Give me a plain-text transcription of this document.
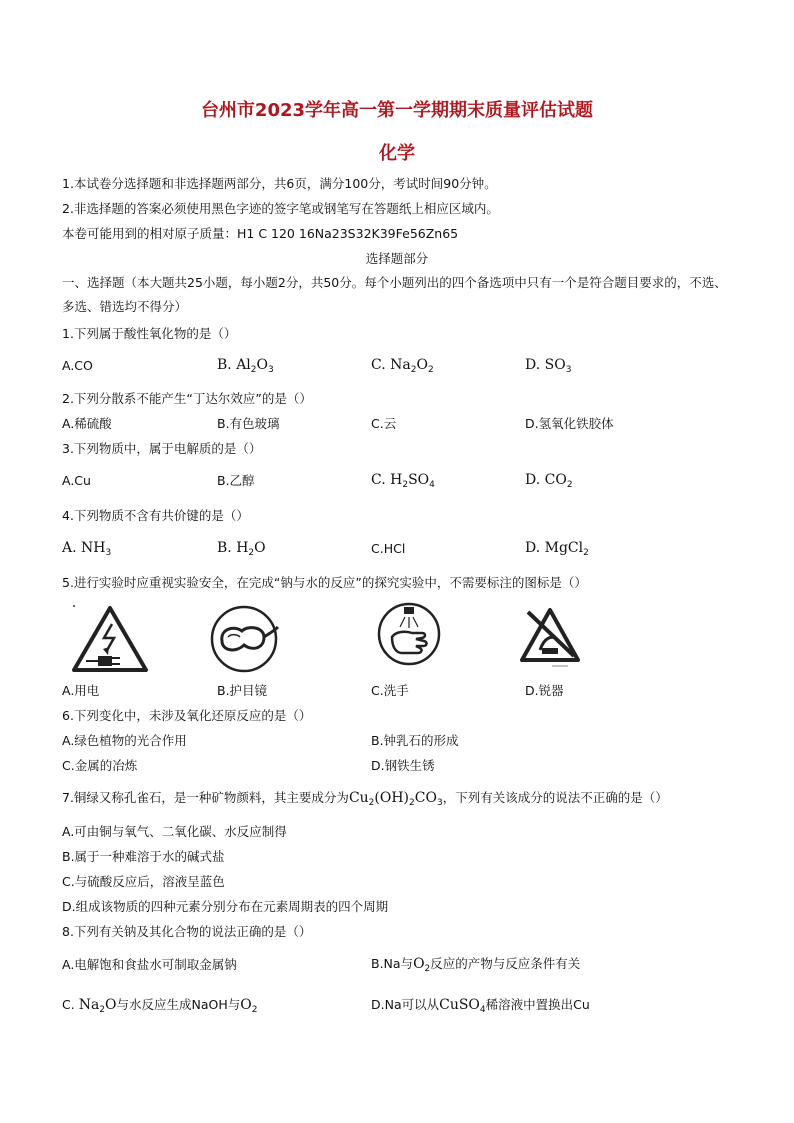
台州市2023学年高一第一学期期末质量评估试题
化学
1.本试卷分选择题和非选择题两部分，共6页，满分100分，考试时间90分钟。
2.非选择题的答案必须使用黑色字迹的签字笔或钢笔写在答题纸上相应区域内。
本卷可能用到的相对原子质量：H1 C 120 16Na23S32K39Fe56Zn65
选择题部分
一、选择题（本大题共25小题，每小题2分，共50分。每个小题列出的四个备选项中只有一个是符合题目要求的，不选、多选、错选均不得分）
1.下列属于酸性氧化物的是（）
A.CO	B. $Al_2O_3$	C. $Na_2O_2$	D. $SO_3$
2.下列分散系不能产生“丁达尔效应”的是（）
A.稀硫酸	B.有色玻璃	C.云	D.氢氧化铁胶体
3.下列物质中，属于电解质的是（）
A.Cu	B.乙醇	C. $H_2SO_4$	D. $CO_2$
4.下列物质不含有共价键的是（）
A. $NH_3$	B. $H_2O$	C.HCl	D. MgCl$_2$
5.进行实验时应重视实验安全，在完成“钠与水的反应”的探究实验中，不需要标注的图标是（）
A.用电	B.护目镜	C.洗手	D.锐器
6.下列变化中，未涉及氧化还原反应的是（）
A.绿色植物的光合作用	B.钟乳石的形成
C.金属的冶炼	D.钢铁生锈
7.铜绿又称孔雀石，是一种矿物颜料，其主要成分为$Cu_2(OH)_2CO_3$，下列有关该成分的说法不正确的是（）
A.可由铜与氧气、二氧化碳、水反应制得
B.属于一种难溶于水的碱式盐
C.与硫酸反应后，溶液呈蓝色
D.组成该物质的四种元素分别分布在元素周期表的四个周期
8.下列有关钠及其化合物的说法正确的是（）
A.电解饱和食盐水可制取金属钠	B.Na与$O_2$反应的产物与反应条件有关
C. $Na_2O$与水反应生成NaOH与$O_2$	D.Na可以从CuSO$_4$稀溶液中置换出Cu
